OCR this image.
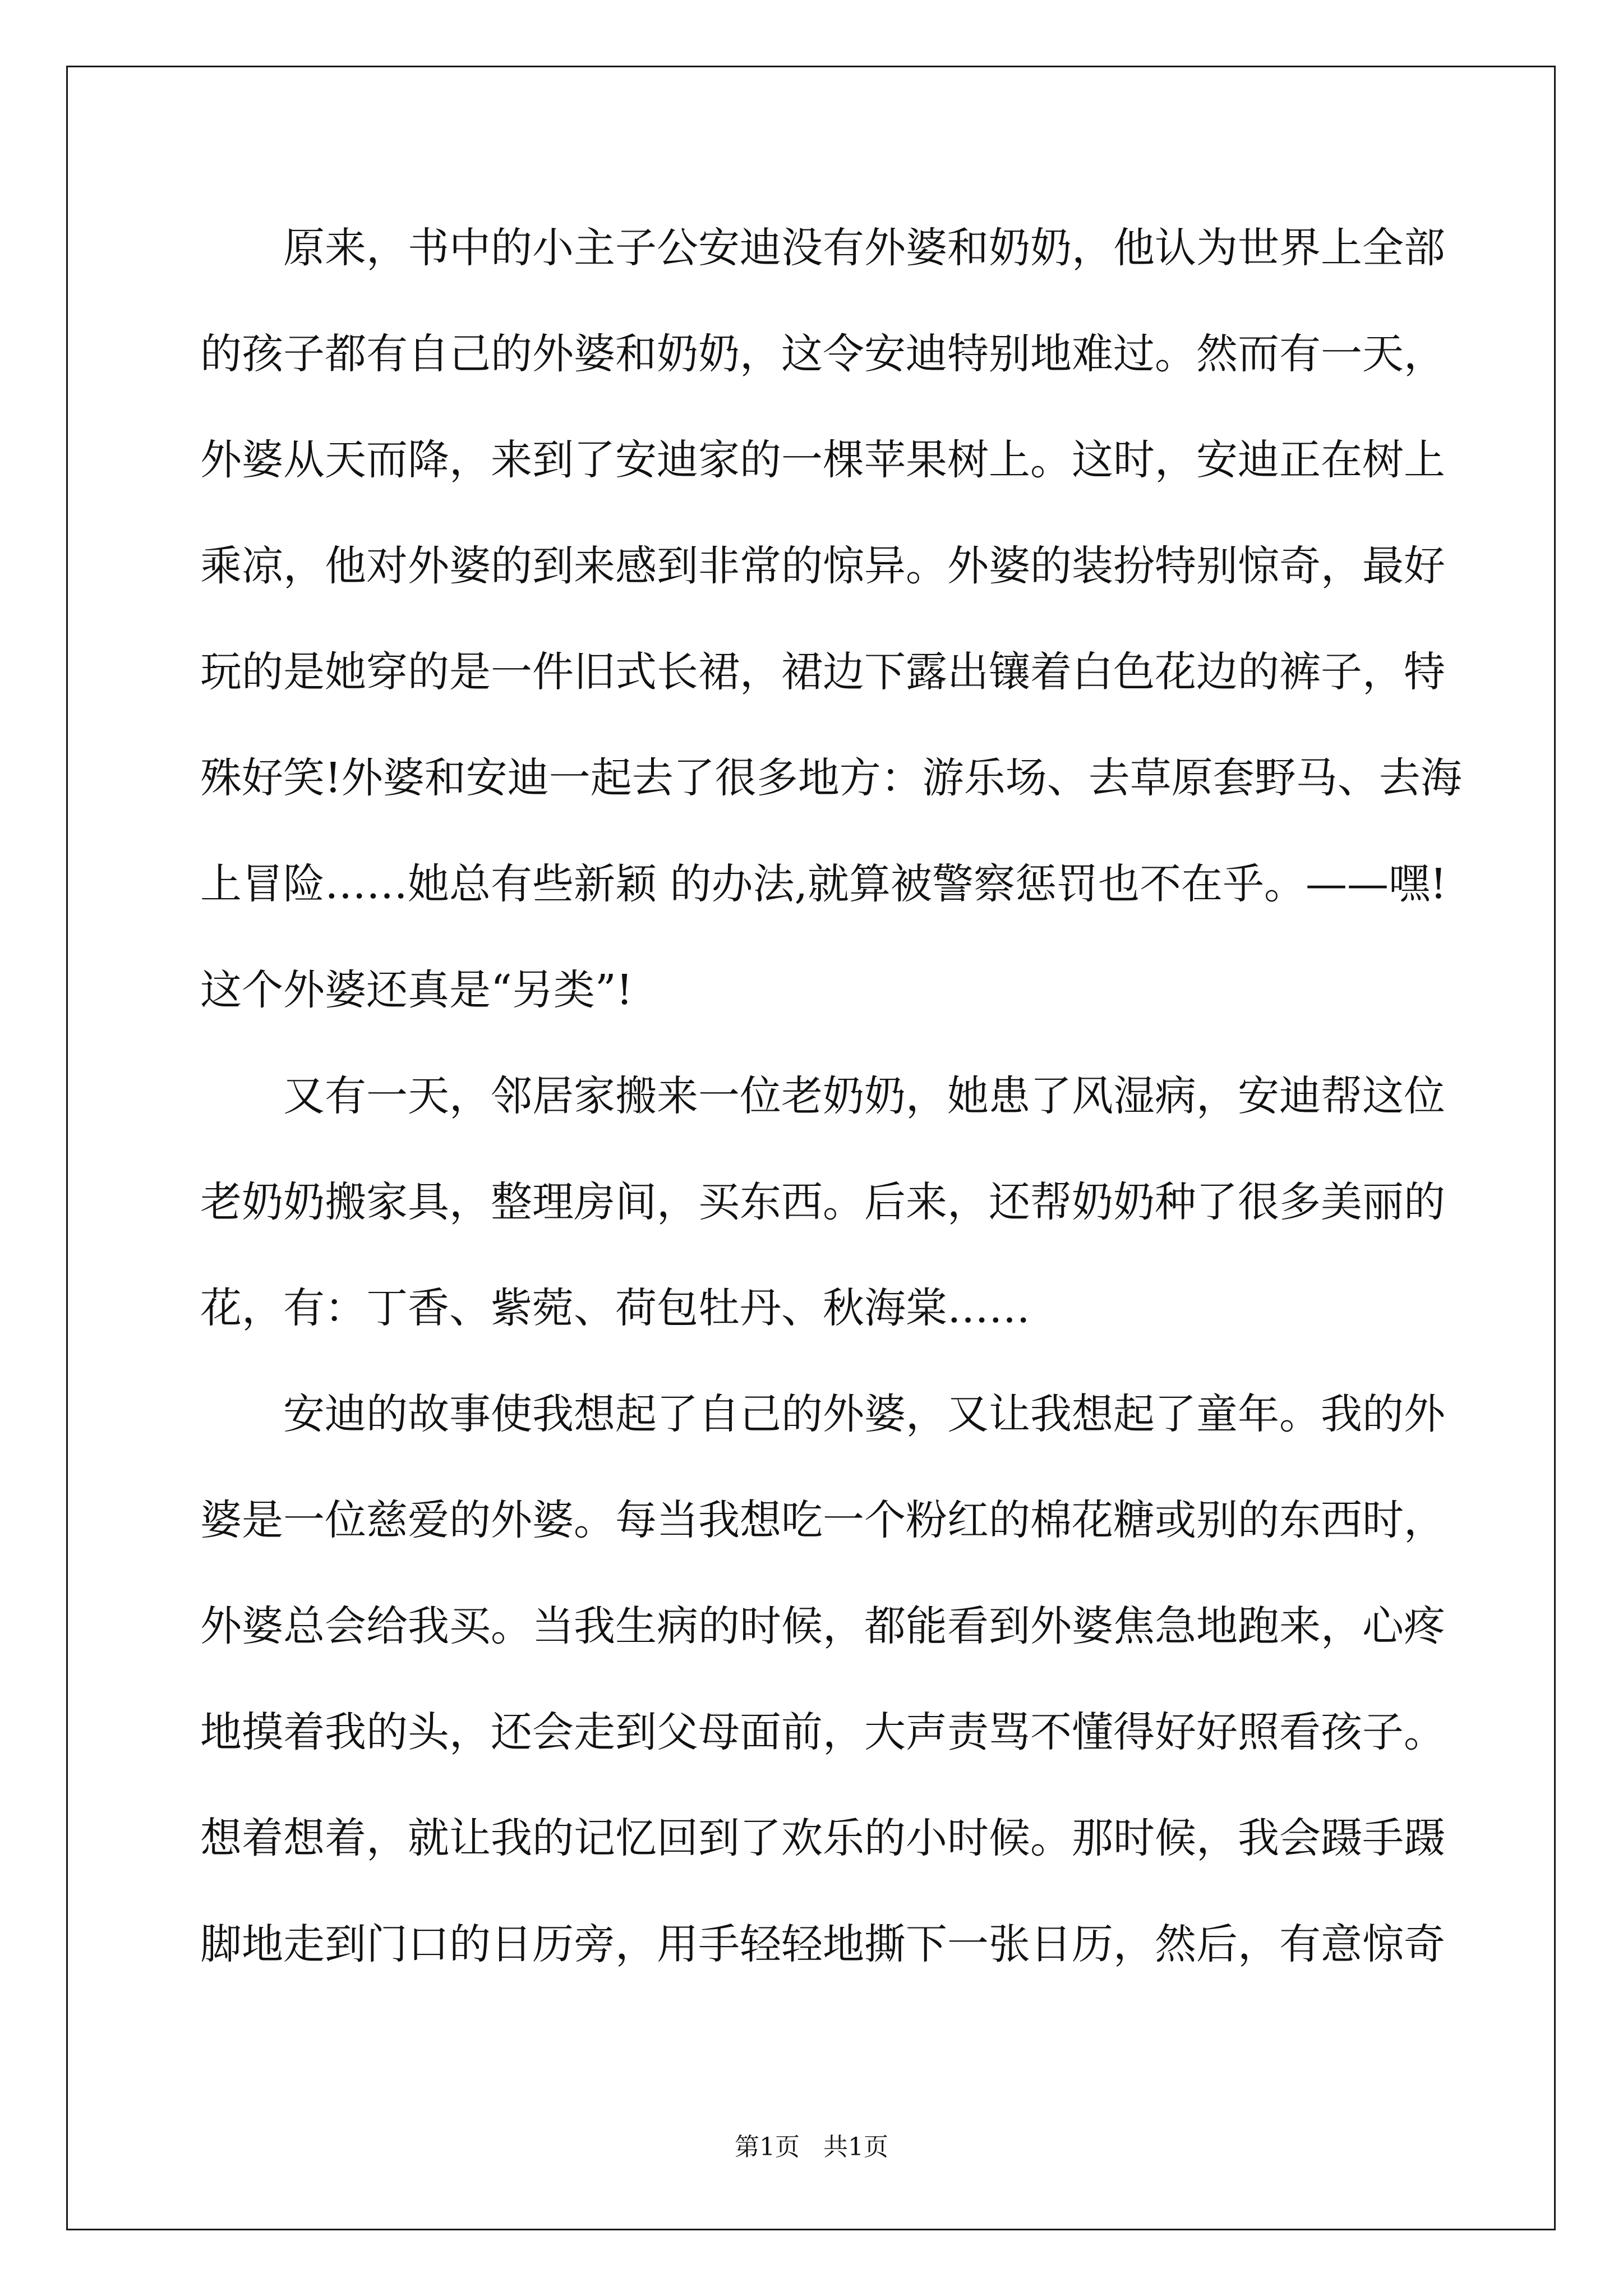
原来，书中的小主子公安迪没有外婆和奶奶，他认为世界上全部
的孩子都有自己的外婆和奶奶，这令安迪特别地难过。然而有一天，
外婆从天而降，来到了安迪家的一棵苹果树上。这时，安迪正在树上
乘凉，他对外婆的到来感到非常的惊异。外婆的装扮特别惊奇，最好
玩的是她穿的是一件旧式长裙，裙边下露出镶着白色花边的裤子，特
殊好笑!外婆和安迪一起去了很多地方：游乐场、去草原套野马、去海
上冒险……她总有些新颖 的办法,就算被警察惩罚也不在乎。——嘿!
这个外婆还真是“另类”!
又有一天，邻居家搬来一位老奶奶，她患了风湿病，安迪帮这位
老奶奶搬家具，整理房间，买东西。后来，还帮奶奶种了很多美丽的
花，有：丁香、紫菀、荷包牡丹、秋海棠……
安迪的故事使我想起了自己的外婆，又让我想起了童年。我的外
婆是一位慈爱的外婆。每当我想吃一个粉红的棉花糖或别的东西时，
外婆总会给我买。当我生病的时候，都能看到外婆焦急地跑来，心疼
地摸着我的头，还会走到父母面前，大声责骂不懂得好好照看孩子。
想着想着，就让我的记忆回到了欢乐的小时候。那时候，我会蹑手蹑
脚地走到门口的日历旁，用手轻轻地撕下一张日历，然后，有意惊奇
第1页   共1页
